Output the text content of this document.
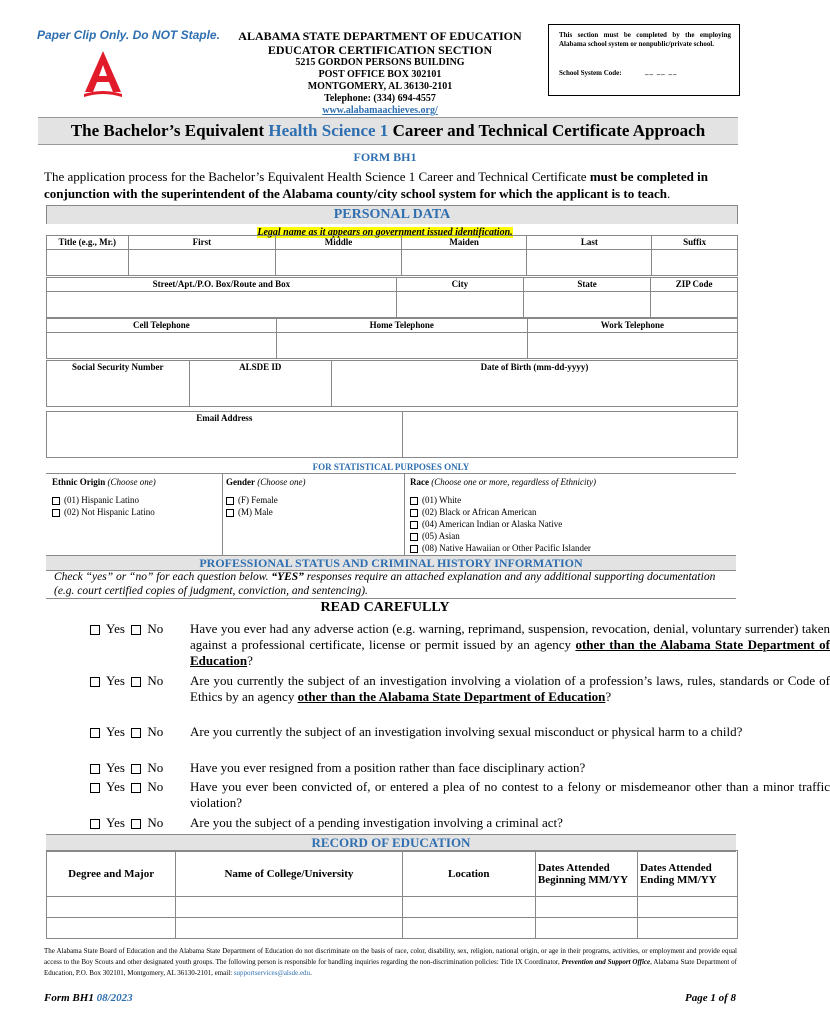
Paper Clip Only. Do NOT Staple. ALABAMA STATE DEPARTMENT OF EDUCATION
EDUCATOR CERTIFICATION SECTION
5215 GORDON PERSONS BUILDING
POST OFFICE BOX 302101
MONTGOMERY, AL 36130-2101
Telephone: (334) 694-4557
www.alabamaachieves.org/
This section must be completed by the employing Alabama school system or nonpublic/private school.
School System Code:	__ __ __
The Bachelor’s Equivalent Health Science 1 Career and Technical Certificate Approach
FORM BH1
The application process for the Bachelor’s Equivalent Health Science 1 Career and Technical Certificate must be completed in conjunction with the superintendent of the Alabama county/city school system for which the applicant is to teach.
PERSONAL DATA
Legal name as it appears on government issued identification.
Title (e.g., Mr.)	First	Middle	Maiden	Last	Suffix

Street/Apt./P.O. Box/Route and Box	City	State	ZIP Code

Cell Telephone	Home Telephone	Work Telephone

Social Security Number	ALSDE ID	Date of Birth (mm-dd-yyyy)
Email Address	
FOR STATISTICAL PURPOSES ONLY
Ethnic Origin (Choose one)
(01) Hispanic Latino
(02) Not Hispanic Latino
Gender (Choose one)
(F) Female
(M) Male
Race (Choose one or more, regardless of Ethnicity)
(01) White
(02) Black or African American
(04) American Indian or Alaska Native
(05) Asian
(08) Native Hawaiian or Other Pacific Islander
PROFESSIONAL STATUS AND CRIMINAL HISTORY INFORMATION
Check “yes” or “no” for each question below. “YES” responses require an attached explanation and any additional supporting documentation (e.g. court certified copies of judgment, conviction, and sentencing).
READ CAREFULLY
Yes No	Have you ever had any adverse action (e.g. warning, reprimand, suspension, revocation, denial, voluntary surrender) taken against a professional certificate, license or permit issued by an agency other than the Alabama State Department of Education?
Yes No	Are you currently the subject of an investigation involving a violation of a profession’s laws, rules, standards or Code of Ethics by an agency other than the Alabama State Department of Education?
Yes No	Are you currently the subject of an investigation involving sexual misconduct or physical harm to a child?
Yes No	Have you ever resigned from a position rather than face disciplinary action?
Yes No	Have you ever been convicted of, or entered a plea of no contest to a felony or misdemeanor other than a minor traffic violation?
Yes No	Are you the subject of a pending investigation involving a criminal act?
RECORD OF EDUCATION
Degree and Major	Name of College/University	Location	Dates Attended Beginning MM/YY	Dates Attended Ending MM/YY

The Alabama State Board of Education and the Alabama State Department of Education do not discriminate on the basis of race, color, disability, sex, religion, national origin, or age in their programs, activities, or employment and provide equal access to the Boy Scouts and other designated youth groups. The following person is responsible for handling inquiries regarding the non-discrimination policies: Title IX Coordinator, Prevention and Support Office, Alabama State Department of Education, P.O. Box 302101, Montgomery, AL 36130-2101, email: supportservices@alsde.edu.
Form BH1 08/2023	Page 1 of 8
